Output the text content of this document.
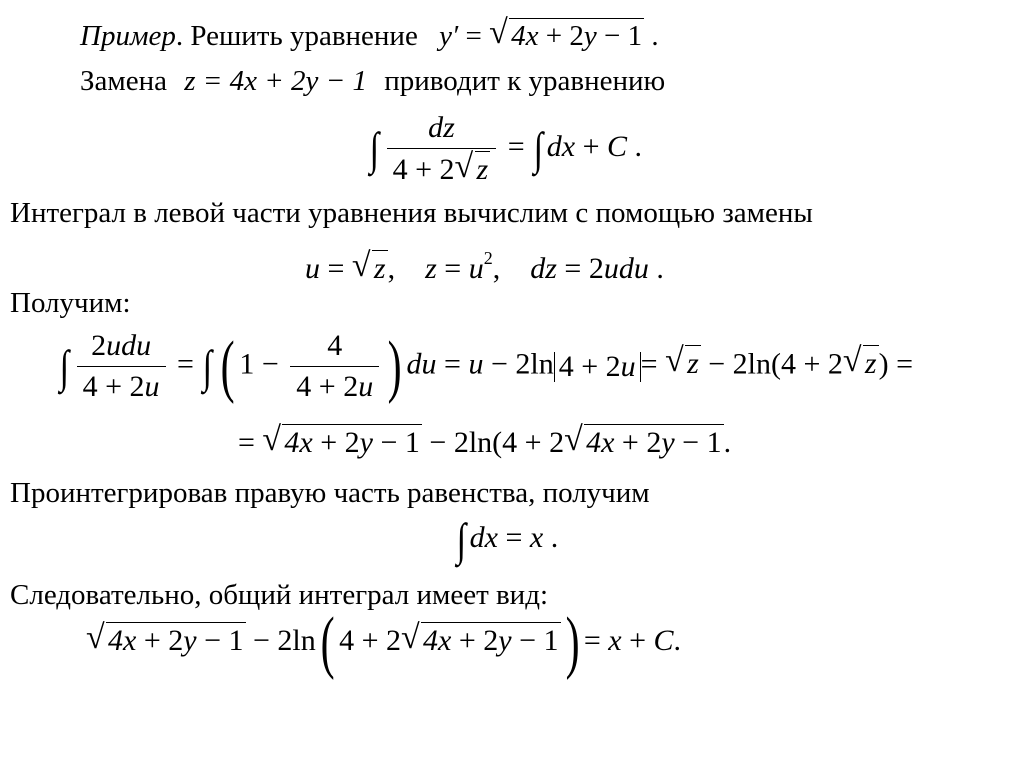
Пример. Решить уравнение y′ = √ 4x + 2y − 1 .
Замена z = 4x + 2y − 1 приводит к уравнению
∫ $\frac{dz}{4 + 2 √ z}$ = ∫ dx + C .
Интеграл в левой части уравнения вычислим с помощью замены
u = √ z,    $z = u^2$,    dz = 2udu .
Получим:
∫ $\frac{\text{2udu}}{4 + 2u}$ = ∫ ( $1 - \frac{4}{4 + 2u}$ ) du = u − 2ln 4 + 2u = √ z − 2ln(4 + 2 √ z) =
= √ 4x + 2y − 1 − 2ln(4 + 2 √ 4x + 2y − 1.
Проинтегрировав правую часть равенства, получим
∫ dx = x .
Следовательно, общий интеграл имеет вид:
√ 4x + 2y − 1 − 2ln( 4 + 2 √ 4x + 2y − 1) = x + C.
